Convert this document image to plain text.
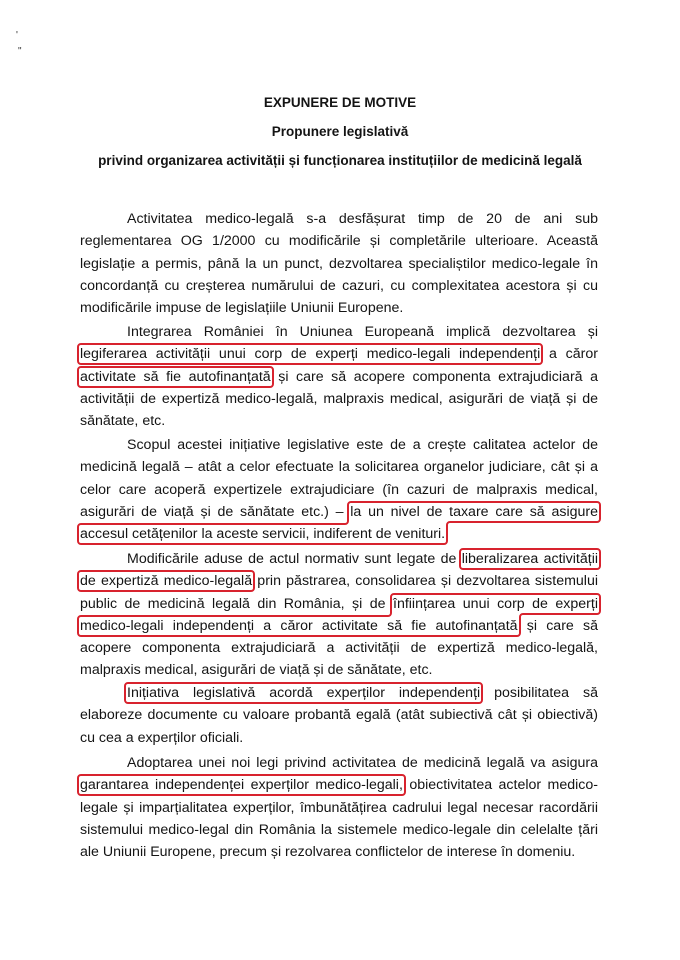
'
"
EXPUNERE DE MOTIVE
Propunere legislativă
privind organizarea activității și funcționarea instituțiilor de medicină legală
Activitatea medico-legală s-a desfășurat timp de 20 de ani sub reglementarea OG 1/2000 cu modificările și completările ulterioare. Această legislație a permis, până la un punct, dezvoltarea specialiștilor medico-legale în concordanță cu creșterea numărului de cazuri, cu complexitatea acestora și cu modificările impuse de legislațiile Uniunii Europene.
Integrarea României în Uniunea Europeană implică dezvoltarea și legiferarea activității unui corp de experți medico-legali independenți a căror activitate să fie autofinanțată și care să acopere componenta extrajudiciară a activității de expertiză medico-legală, malpraxis medical, asigurări de viață și de sănătate, etc.
Scopul acestei inițiative legislative este de a crește calitatea actelor de medicină legală – atât a celor efectuate la solicitarea organelor judiciare, cât și a celor care acoperă expertizele extrajudiciare (în cazuri de malpraxis medical, asigurări de viață și de sănătate etc.) – la un nivel de taxare care să asigure accesul cetățenilor la aceste servicii, indiferent de venituri.
Modificările aduse de actul normativ sunt legate de liberalizarea activității de expertiză medico-legală prin păstrarea, consolidarea și dezvoltarea sistemului public de medicină legală din România, și de înființarea unui corp de experți medico-legali independenți a căror activitate să fie autofinanțată și care să acopere componenta extrajudiciară a activității de expertiză medico-legală, malpraxis medical, asigurări de viață și de sănătate, etc.
Inițiativa legislativă acordă experților independenți posibilitatea să elaboreze documente cu valoare probantă egală (atât subiectivă cât și obiectivă) cu cea a experților oficiali.
Adoptarea unei noi legi privind activitatea de medicină legală va asigura garantarea independenței experților medico-legali, obiectivitatea actelor medico-legale și imparțialitatea experților, îmbunătățirea cadrului legal necesar racordării sistemului medico-legal din România la sistemele medico-legale din celelalte țări ale Uniunii Europene, precum și rezolvarea conflictelor de interese în domeniu.
